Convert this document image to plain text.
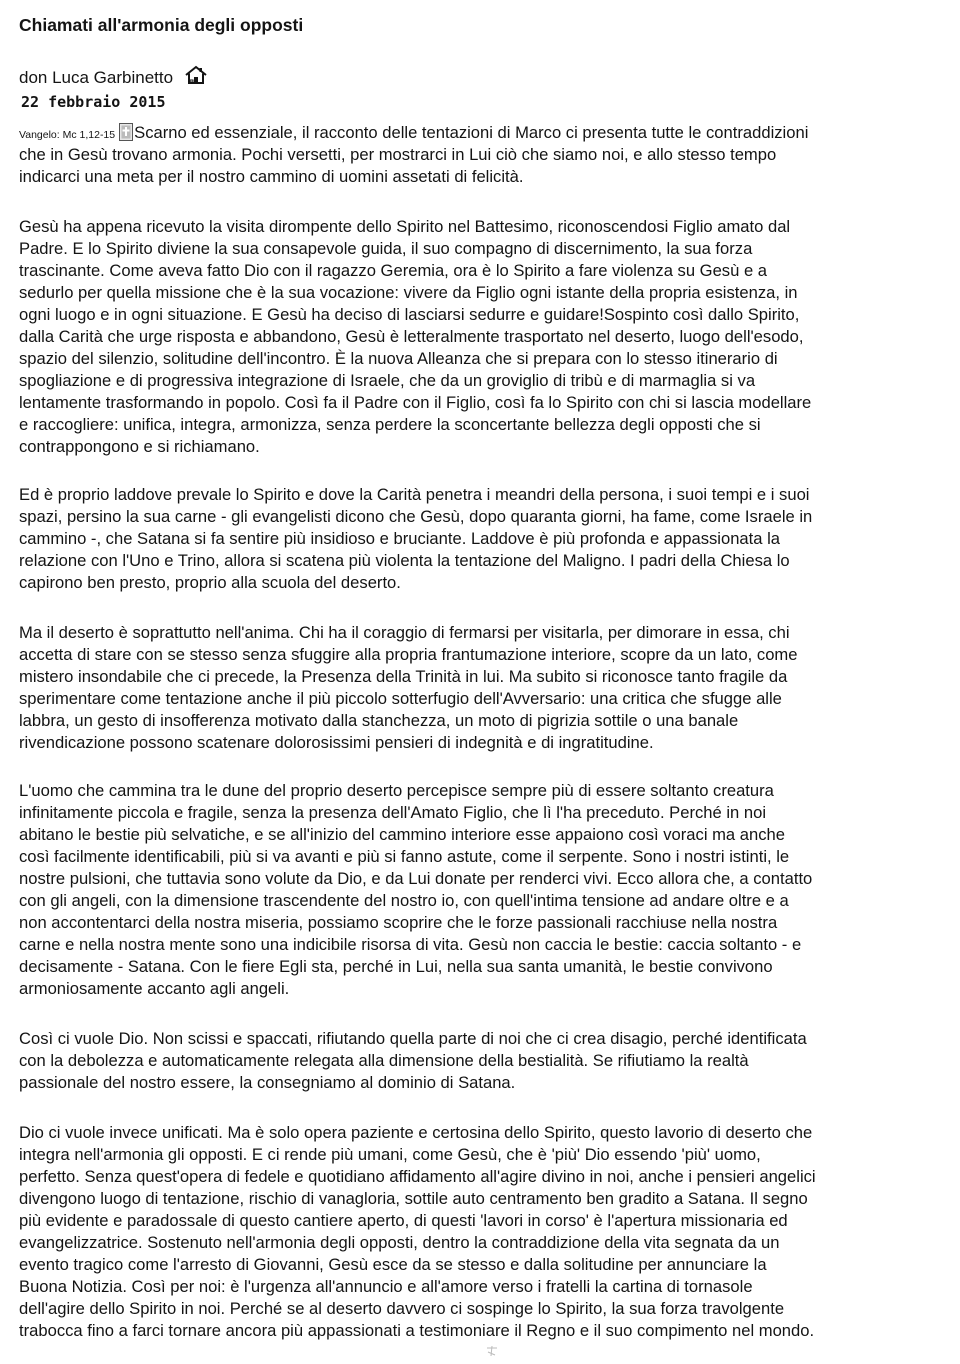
Chiamati all'armonia degli opposti
don Luca Garbinetto
22 febbraio 2015
Vangelo: Mc 1,12-15 Scarno ed essenziale, il racconto delle tentazioni di Marco ci presenta tutte le contraddizioni
che in Gesù trovano armonia. Pochi versetti, per mostrarci in Lui ciò che siamo noi, e allo stesso tempo
indicarci una meta per il nostro cammino di uomini assetati di felicità.
Gesù ha appena ricevuto la visita dirompente dello Spirito nel Battesimo, riconoscendosi Figlio amato dal
Padre. E lo Spirito diviene la sua consapevole guida, il suo compagno di discernimento, la sua forza
trascinante. Come aveva fatto Dio con il ragazzo Geremia, ora è lo Spirito a fare violenza su Gesù e a
sedurlo per quella missione che è la sua vocazione: vivere da Figlio ogni istante della propria esistenza, in
ogni luogo e in ogni situazione. E Gesù ha deciso di lasciarsi sedurre e guidare!Sospinto così dallo Spirito,
dalla Carità che urge risposta e abbandono, Gesù è letteralmente trasportato nel deserto, luogo dell'esodo,
spazio del silenzio, solitudine dell'incontro. È la nuova Alleanza che si prepara con lo stesso itinerario di
spogliazione e di progressiva integrazione di Israele, che da un groviglio di tribù e di marmaglia si va
lentamente trasformando in popolo. Così fa il Padre con il Figlio, così fa lo Spirito con chi si lascia modellare
e raccogliere: unifica, integra, armonizza, senza perdere la sconcertante bellezza degli opposti che si
contrappongono e si richiamano.
Ed è proprio laddove prevale lo Spirito e dove la Carità penetra i meandri della persona, i suoi tempi e i suoi
spazi, persino la sua carne - gli evangelisti dicono che Gesù, dopo quaranta giorni, ha fame, come Israele in
cammino -, che Satana si fa sentire più insidioso e bruciante. Laddove è più profonda e appassionata la
relazione con l'Uno e Trino, allora si scatena più violenta la tentazione del Maligno. I padri della Chiesa lo
capirono ben presto, proprio alla scuola del deserto.
Ma il deserto è soprattutto nell'anima. Chi ha il coraggio di fermarsi per visitarla, per dimorare in essa, chi
accetta di stare con se stesso senza sfuggire alla propria frantumazione interiore, scopre da un lato, come
mistero insondabile che ci precede, la Presenza della Trinità in lui. Ma subito si riconosce tanto fragile da
sperimentare come tentazione anche il più piccolo sotterfugio dell'Avversario: una critica che sfugge alle
labbra, un gesto di insofferenza motivato dalla stanchezza, un moto di pigrizia sottile o una banale
rivendicazione possono scatenare dolorosissimi pensieri di indegnità e di ingratitudine.
L'uomo che cammina tra le dune del proprio deserto percepisce sempre più di essere soltanto creatura
infinitamente piccola e fragile, senza la presenza dell'Amato Figlio, che lì l'ha preceduto. Perché in noi
abitano le bestie più selvatiche, e se all'inizio del cammino interiore esse appaiono così voraci ma anche
così facilmente identificabili, più si va avanti e più si fanno astute, come il serpente. Sono i nostri istinti, le
nostre pulsioni, che tuttavia sono volute da Dio, e da Lui donate per renderci vivi. Ecco allora che, a contatto
con gli angeli, con la dimensione trascendente del nostro io, con quell'intima tensione ad andare oltre e a
non accontentarci della nostra miseria, possiamo scoprire che le forze passionali racchiuse nella nostra
carne e nella nostra mente sono una indicibile risorsa di vita. Gesù non caccia le bestie: caccia soltanto - e
decisamente - Satana. Con le fiere Egli sta, perché in Lui, nella sua santa umanità, le bestie convivono
armoniosamente accanto agli angeli.
Così ci vuole Dio. Non scissi e spaccati, rifiutando quella parte di noi che ci crea disagio, perché identificata
con la debolezza e automaticamente relegata alla dimensione della bestialità. Se rifiutiamo la realtà
passionale del nostro essere, la consegniamo al dominio di Satana.
Dio ci vuole invece unificati. Ma è solo opera paziente e certosina dello Spirito, questo lavorio di deserto che
integra nell'armonia gli opposti. E ci rende più umani, come Gesù, che è 'più' Dio essendo 'più' uomo,
perfetto. Senza quest'opera di fedele e quotidiano affidamento all'agire divino in noi, anche i pensieri angelici
divengono luogo di tentazione, rischio di vanagloria, sottile auto centramento ben gradito a Satana. Il segno
più evidente e paradossale di questo cantiere aperto, di questi 'lavori in corso' è l'apertura missionaria ed
evangelizzatrice. Sostenuto nell'armonia degli opposti, dentro la contraddizione della vita segnata da un
evento tragico come l'arresto di Giovanni, Gesù esce da se stesso e dalla solitudine per annunciare la
Buona Notizia. Così per noi: è l'urgenza all'annuncio e all'amore verso i fratelli la cartina di tornasole
dell'agire dello Spirito in noi. Perché se al deserto davvero ci sospinge lo Spirito, la sua forza travolgente
trabocca fino a farci tornare ancora più appassionati a testimoniare il Regno e il suo compimento nel mondo.
